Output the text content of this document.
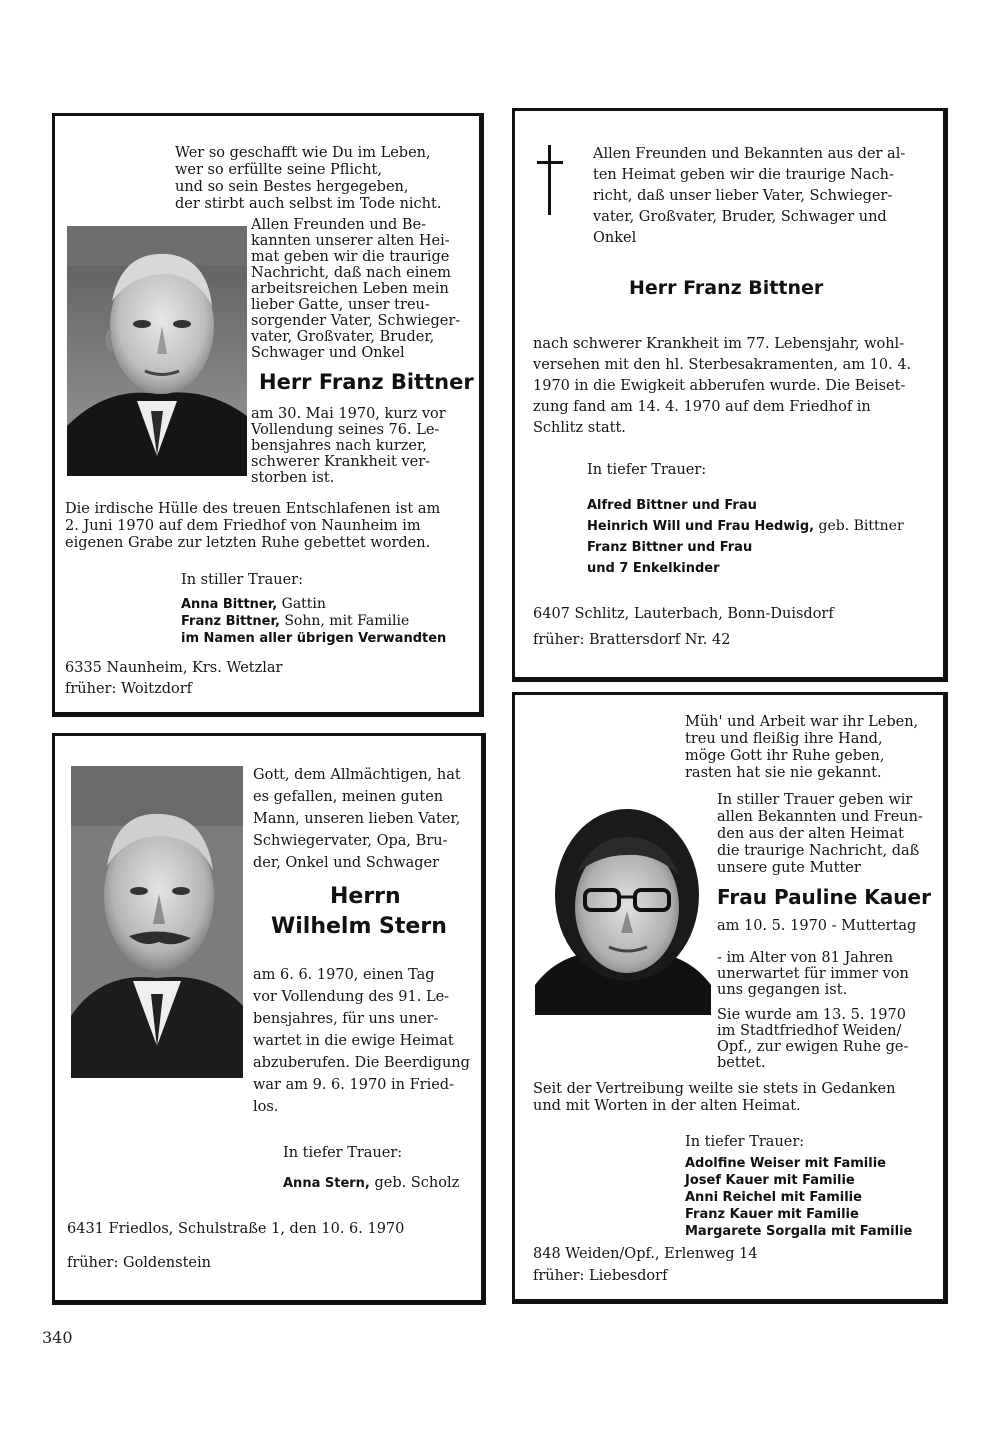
Wer so geschafft wie Du im Leben,

wer so erfüllte seine Pflicht,

und so sein Bestes hergegeben,

der stirbt auch selbst im Tode nicht.

Allen Freunden und Be-

kannten unserer alten Hei-

mat geben wir die traurige

Nachricht, daß nach einem

arbeitsreichen Leben mein

lieber Gatte, unser treu-

sorgender Vater, Schwieger-

vater, Großvater, Bruder,

Schwager und Onkel

Herr Franz Bittner

am 30. Mai 1970, kurz vor

Vollendung seines 76. Le-

bensjahres nach kurzer,

schwerer Krankheit ver-

storben ist.

Die irdische Hülle des treuen Entschlafenen ist am

2. Juni 1970 auf dem Friedhof von Naunheim im

eigenen Grabe zur letzten Ruhe gebettet worden.

In stiller Trauer:

Anna Bittner, Gattin
Franz Bittner, Sohn, mit Familie
im Namen aller übrigen Verwandten

6335 Naunheim, Krs. Wetzlar

früher: Woitzdorf

Allen Freunden und Bekannten aus der al-

ten Heimat geben wir die traurige Nach-

richt, daß unser lieber Vater, Schwieger-

vater, Großvater, Bruder, Schwager und

Onkel

Herr Franz Bittner

nach schwerer Krankheit im 77. Lebensjahr, wohl-

versehen mit den hl. Sterbesakramenten, am 10. 4.

1970 in die Ewigkeit abberufen wurde. Die Beiset-

zung fand am 14. 4. 1970 auf dem Friedhof in

Schlitz statt.

In tiefer Trauer:

Alfred Bittner und Frau
Heinrich Will und Frau Hedwig, geb. Bittner
Franz Bittner und Frau
und 7 Enkelkinder

6407 Schlitz, Lauterbach, Bonn-Duisdorf

früher: Brattersdorf Nr. 42

Gott, dem Allmächtigen, hat

es gefallen, meinen guten

Mann, unseren lieben Vater,

Schwiegervater, Opa, Bru-

der, Onkel und Schwager

Herrn

Wilhelm Stern

am 6. 6. 1970, einen Tag

vor Vollendung des 91. Le-

bensjahres, für uns uner-

wartet in die ewige Heimat

abzuberufen. Die Beerdigung

war am 9. 6. 1970 in Fried-

los.

In tiefer Trauer:

Anna Stern, geb. Scholz

6431 Friedlos, Schulstraße 1, den 10. 6. 1970

früher: Goldenstein

Müh' und Arbeit war ihr Leben,

treu und fleißig ihre Hand,

möge Gott ihr Ruhe geben,

rasten hat sie nie gekannt.

In stiller Trauer geben wir

allen Bekannten und Freun-

den aus der alten Heimat

die traurige Nachricht, daß

unsere gute Mutter

Frau Pauline Kauer

am 10. 5. 1970 - Muttertag

- im Alter von 81 Jahren

unerwartet für immer von

uns gegangen ist.

Sie wurde am 13. 5. 1970

im Stadtfriedhof Weiden/

Opf., zur ewigen Ruhe ge-

bettet.

Seit der Vertreibung weilte sie stets in Gedanken

und mit Worten in der alten Heimat.

In tiefer Trauer:

Adolfine Weiser mit Familie
Josef Kauer mit Familie
Anni Reichel mit Familie
Franz Kauer mit Familie
Margarete Sorgalla mit Familie

848 Weiden/Opf., Erlenweg 14

früher: Liebesdorf

340
